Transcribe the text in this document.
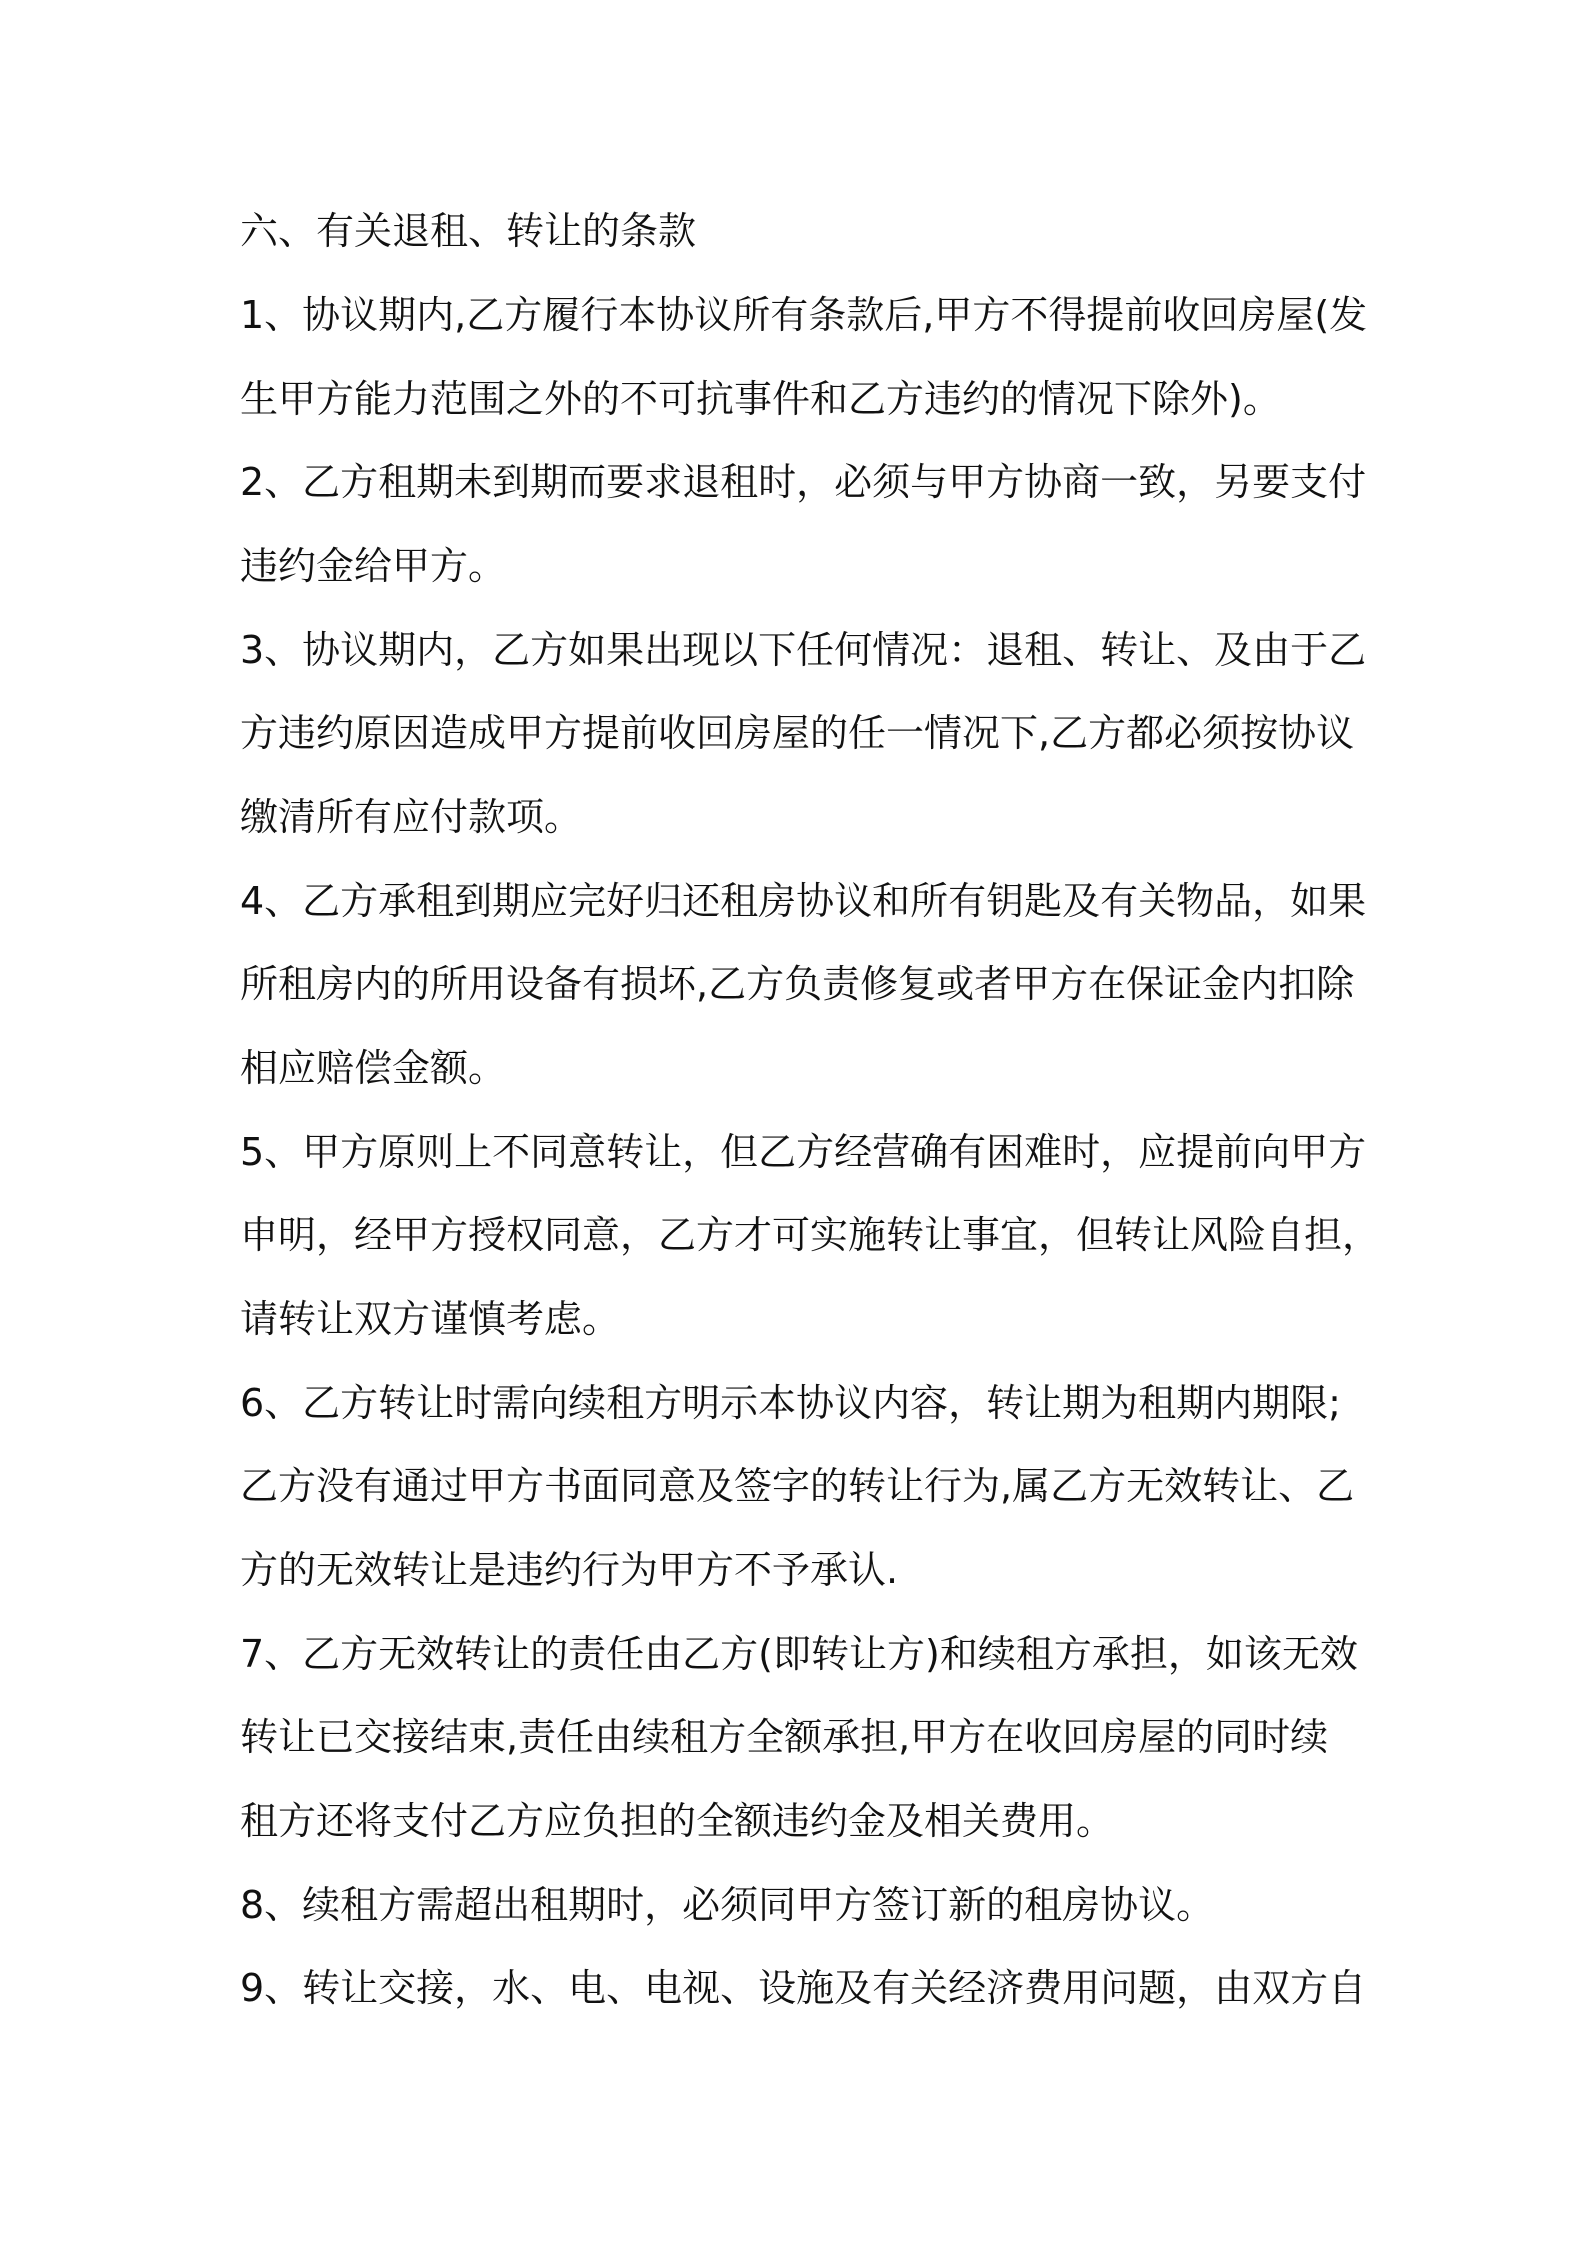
六、有关退租、转让的条款
1、协议期内,乙方履行本协议所有条款后,甲方不得提前收回房屋(发
生甲方能力范围之外的不可抗事件和乙方违约的情况下除外)。
2、乙方租期未到期而要求退租时，必须与甲方协商一致，另要支付
违约金给甲方。
3、协议期内，乙方如果出现以下任何情况：退租、转让、及由于乙
方违约原因造成甲方提前收回房屋的任一情况下,乙方都必须按协议
缴清所有应付款项。
4、乙方承租到期应完好归还租房协议和所有钥匙及有关物品，如果
所租房内的所用设备有损坏,乙方负责修复或者甲方在保证金内扣除
相应赔偿金额。
5、甲方原则上不同意转让，但乙方经营确有困难时，应提前向甲方
申明，经甲方授权同意，乙方才可实施转让事宜，但转让风险自担，
请转让双方谨慎考虑。
6、乙方转让时需向续租方明示本协议内容，转让期为租期内期限;
乙方没有通过甲方书面同意及签字的转让行为,属乙方无效转让、乙
方的无效转让是违约行为甲方不予承认.
7、乙方无效转让的责任由乙方(即转让方)和续租方承担，如该无效
转让已交接结束,责任由续租方全额承担,甲方在收回房屋的同时续
租方还将支付乙方应负担的全额违约金及相关费用。
8、续租方需超出租期时，必须同甲方签订新的租房协议。
9、转让交接，水、电、电视、设施及有关经济费用问题，由双方自
